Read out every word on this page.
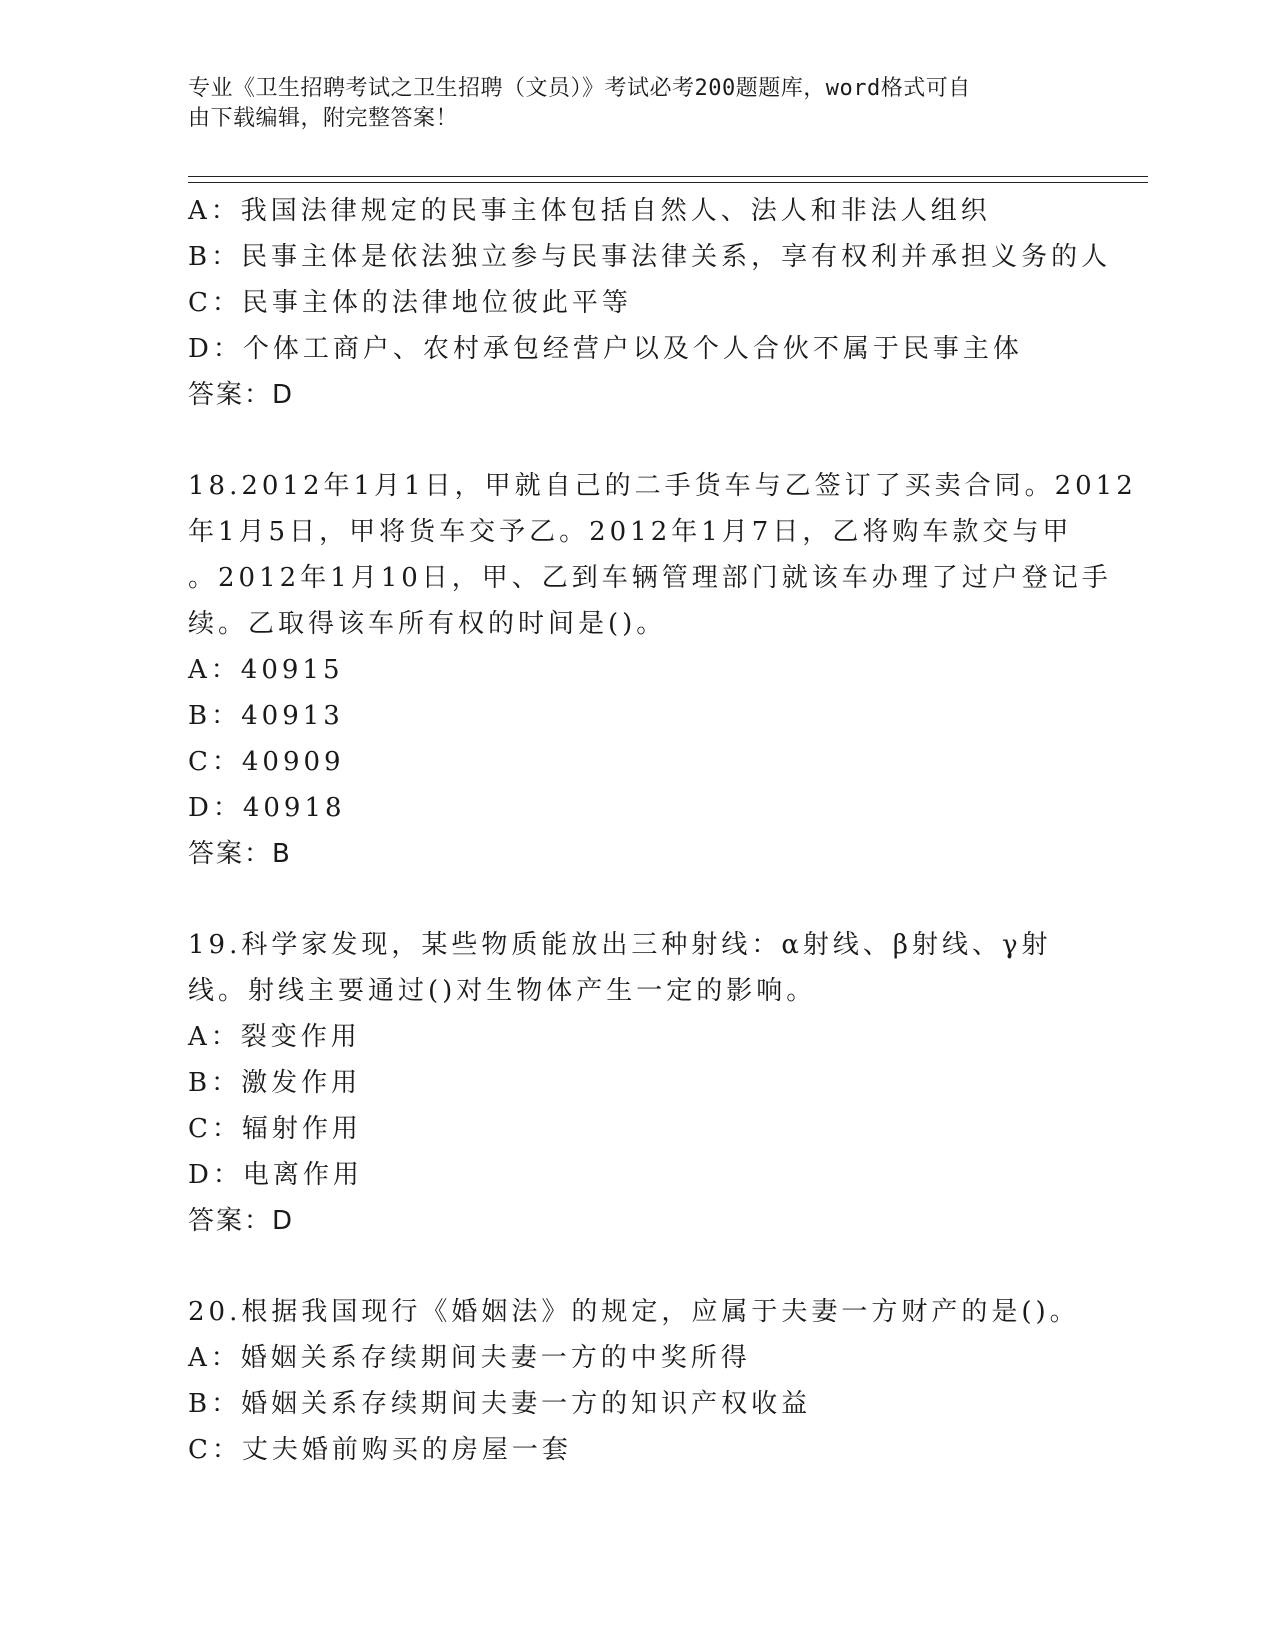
专业《卫生招聘考试之卫生招聘（文员）》考试必考200题题库，word格式可自
由下载编辑，附完整答案！
A：我国法律规定的民事主体包括自然人、法人和非法人组织
B：民事主体是依法独立参与民事法律关系，享有权利并承担义务的人
C：民事主体的法律地位彼此平等
D：个体工商户、农村承包经营户以及个人合伙不属于民事主体
答案：D
18.2012年1月1日，甲就自己的二手货车与乙签订了买卖合同。2012
年1月5日，甲将货车交予乙。2012年1月7日，乙将购车款交与甲
。2012年1月10日，甲、乙到车辆管理部门就该车办理了过户登记手
续。乙取得该车所有权的时间是()。
A：40915
B：40913
C：40909
D：40918
答案：B
19.科学家发现，某些物质能放出三种射线：α射线、β射线、γ射
线。射线主要通过()对生物体产生一定的影响。
A：裂变作用
B：激发作用
C：辐射作用
D：电离作用
答案：D
20.根据我国现行《婚姻法》的规定，应属于夫妻一方财产的是()。
A：婚姻关系存续期间夫妻一方的中奖所得
B：婚姻关系存续期间夫妻一方的知识产权收益
C：丈夫婚前购买的房屋一套
